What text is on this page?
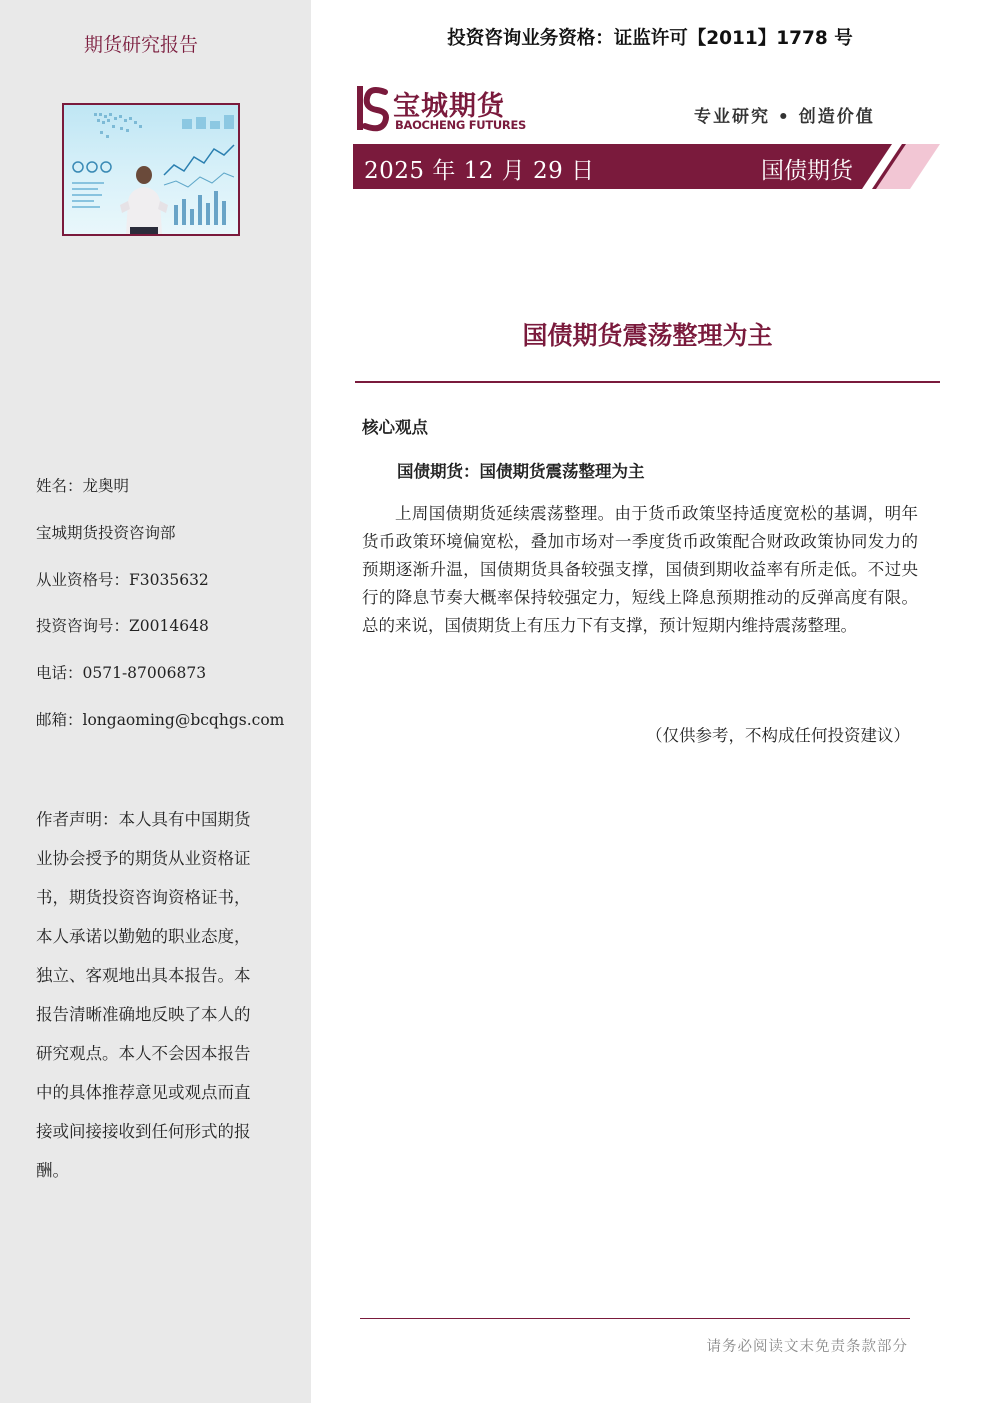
期货研究报告
姓名：龙奥明
宝城期货投资咨询部
从业资格号：F3035632
投资咨询号：Z0014648
电话：0571-87006873
邮箱：longaoming@bcqhgs.com

作者声明：本人具有中国期货业协会授予的期货从业资格证书，期货投资咨询资格证书，本人承诺以勤勉的职业态度，独立、客观地出具本报告。本报告清晰准确地反映了本人的研究观点。本人不会因本报告中的具体推荐意见或观点而直接或间接接收到任何形式的报酬。

投资咨询业务资格：证监许可【2011】1778 号
宝城期货
BAOCHENG FUTURES	专业研究 • 创造价值
2025 年 12 月 29 日	国债期货
国债期货震荡整理为主
核心观点
国债期货：国债期货震荡整理为主

上周国债期货延续震荡整理。由于货币政策坚持适度宽松的基调，明年货币政策环境偏宽松，叠加市场对一季度货币政策配合财政政策协同发力的预期逐渐升温，国债期货具备较强支撑，国债到期收益率有所走低。不过央行的降息节奏大概率保持较强定力，短线上降息预期推动的反弹高度有限。总的来说，国债期货上有压力下有支撑，预计短期内维持震荡整理。

（仅供参考，不构成任何投资建议）
请务必阅读文末免责条款部分
